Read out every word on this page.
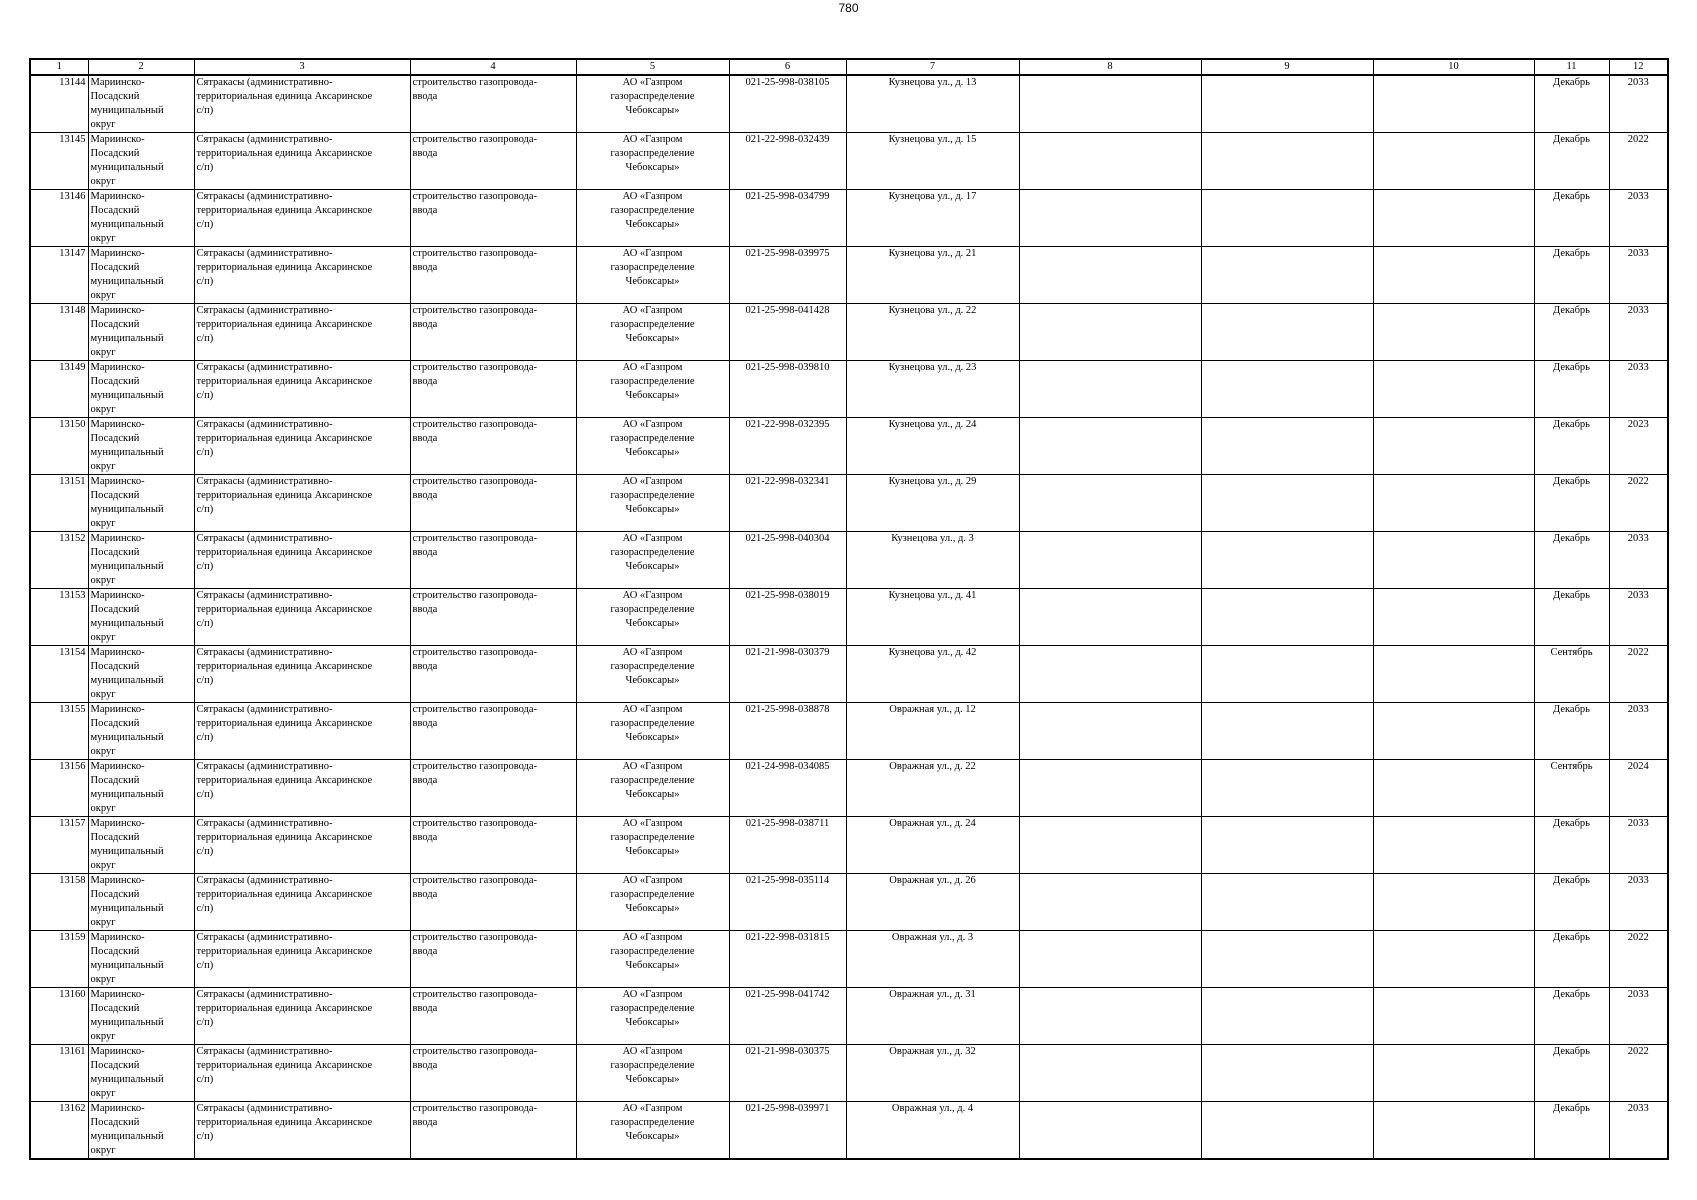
780
1	2	3	4	5	6	7	8	9	10	11	12
13144	Мариинско-
Посадский
муниципальный
округ	Сятракасы (административно-
территориальная единица Аксаринское
с/п)	строительство газопровода-
ввода	АО «Газпром
газораспределение
Чебоксары»	021-25-998-038105	Кузнецова ул., д. 13				Декабрь	2033
13145	Мариинско-
Посадский
муниципальный
округ	Сятракасы (административно-
территориальная единица Аксаринское
с/п)	строительство газопровода-
ввода	АО «Газпром
газораспределение
Чебоксары»	021-22-998-032439	Кузнецова ул., д. 15				Декабрь	2022
13146	Мариинско-
Посадский
муниципальный
округ	Сятракасы (административно-
территориальная единица Аксаринское
с/п)	строительство газопровода-
ввода	АО «Газпром
газораспределение
Чебоксары»	021-25-998-034799	Кузнецова ул., д. 17				Декабрь	2033
13147	Мариинско-
Посадский
муниципальный
округ	Сятракасы (административно-
территориальная единица Аксаринское
с/п)	строительство газопровода-
ввода	АО «Газпром
газораспределение
Чебоксары»	021-25-998-039975	Кузнецова ул., д. 21				Декабрь	2033
13148	Мариинско-
Посадский
муниципальный
округ	Сятракасы (административно-
территориальная единица Аксаринское
с/п)	строительство газопровода-
ввода	АО «Газпром
газораспределение
Чебоксары»	021-25-998-041428	Кузнецова ул., д. 22				Декабрь	2033
13149	Мариинско-
Посадский
муниципальный
округ	Сятракасы (административно-
территориальная единица Аксаринское
с/п)	строительство газопровода-
ввода	АО «Газпром
газораспределение
Чебоксары»	021-25-998-039810	Кузнецова ул., д. 23				Декабрь	2033
13150	Мариинско-
Посадский
муниципальный
округ	Сятракасы (административно-
территориальная единица Аксаринское
с/п)	строительство газопровода-
ввода	АО «Газпром
газораспределение
Чебоксары»	021-22-998-032395	Кузнецова ул., д. 24				Декабрь	2023
13151	Мариинско-
Посадский
муниципальный
округ	Сятракасы (административно-
территориальная единица Аксаринское
с/п)	строительство газопровода-
ввода	АО «Газпром
газораспределение
Чебоксары»	021-22-998-032341	Кузнецова ул., д. 29				Декабрь	2022
13152	Мариинско-
Посадский
муниципальный
округ	Сятракасы (административно-
территориальная единица Аксаринское
с/п)	строительство газопровода-
ввода	АО «Газпром
газораспределение
Чебоксары»	021-25-998-040304	Кузнецова ул., д. 3				Декабрь	2033
13153	Мариинско-
Посадский
муниципальный
округ	Сятракасы (административно-
территориальная единица Аксаринское
с/п)	строительство газопровода-
ввода	АО «Газпром
газораспределение
Чебоксары»	021-25-998-038019	Кузнецова ул., д. 41				Декабрь	2033
13154	Мариинско-
Посадский
муниципальный
округ	Сятракасы (административно-
территориальная единица Аксаринское
с/п)	строительство газопровода-
ввода	АО «Газпром
газораспределение
Чебоксары»	021-21-998-030379	Кузнецова ул., д. 42				Сентябрь	2022
13155	Мариинско-
Посадский
муниципальный
округ	Сятракасы (административно-
территориальная единица Аксаринское
с/п)	строительство газопровода-
ввода	АО «Газпром
газораспределение
Чебоксары»	021-25-998-038878	Овражная ул., д. 12				Декабрь	2033
13156	Мариинско-
Посадский
муниципальный
округ	Сятракасы (административно-
территориальная единица Аксаринское
с/п)	строительство газопровода-
ввода	АО «Газпром
газораспределение
Чебоксары»	021-24-998-034085	Овражная ул., д. 22				Сентябрь	2024
13157	Мариинско-
Посадский
муниципальный
округ	Сятракасы (административно-
территориальная единица Аксаринское
с/п)	строительство газопровода-
ввода	АО «Газпром
газораспределение
Чебоксары»	021-25-998-038711	Овражная ул., д. 24				Декабрь	2033
13158	Мариинско-
Посадский
муниципальный
округ	Сятракасы (административно-
территориальная единица Аксаринское
с/п)	строительство газопровода-
ввода	АО «Газпром
газораспределение
Чебоксары»	021-25-998-035114	Овражная ул., д. 26				Декабрь	2033
13159	Мариинско-
Посадский
муниципальный
округ	Сятракасы (административно-
территориальная единица Аксаринское
с/п)	строительство газопровода-
ввода	АО «Газпром
газораспределение
Чебоксары»	021-22-998-031815	Овражная ул., д. 3				Декабрь	2022
13160	Мариинско-
Посадский
муниципальный
округ	Сятракасы (административно-
территориальная единица Аксаринское
с/п)	строительство газопровода-
ввода	АО «Газпром
газораспределение
Чебоксары»	021-25-998-041742	Овражная ул., д. 31				Декабрь	2033
13161	Мариинско-
Посадский
муниципальный
округ	Сятракасы (административно-
территориальная единица Аксаринское
с/п)	строительство газопровода-
ввода	АО «Газпром
газораспределение
Чебоксары»	021-21-998-030375	Овражная ул., д. 32				Декабрь	2022
13162	Мариинско-
Посадский
муниципальный
округ	Сятракасы (административно-
территориальная единица Аксаринское
с/п)	строительство газопровода-
ввода	АО «Газпром
газораспределение
Чебоксары»	021-25-998-039971	Овражная ул., д. 4				Декабрь	2033
